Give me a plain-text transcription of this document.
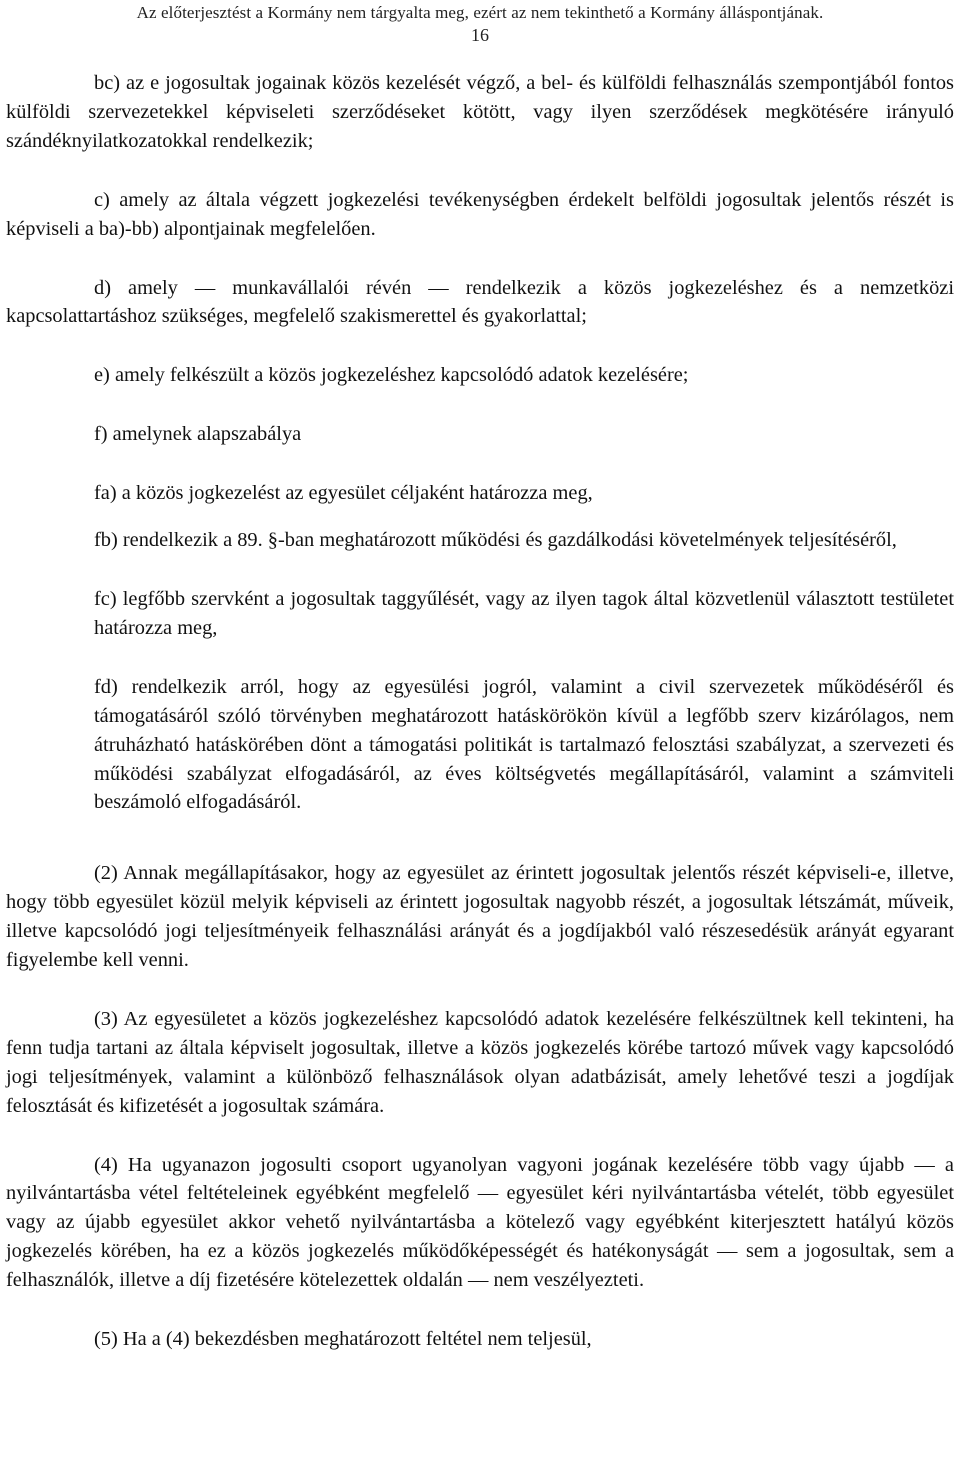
Az előterjesztést a Kormány nem tárgyalta meg, ezért az nem tekinthető a Kormány álláspontjának.
16

bc) az e jogosultak jogainak közös kezelését végző, a bel- és külföldi felhasználás szempontjából fontos külföldi szervezetekkel képviseleti szerződéseket kötött, vagy ilyen szerződések megkötésére irányuló szándéknyilatkozatokkal rendelkezik;

c) amely az általa végzett jogkezelési tevékenységben érdekelt belföldi jogosultak jelentős részét is képviseli a ba)-bb) alpontjainak megfelelően.

d) amely ― munkavállalói révén ― rendelkezik a közös jogkezeléshez és a nemzetközi kapcsolattartáshoz szükséges, megfelelő szakismerettel és gyakorlattal;

e) amely felkészült a közös jogkezeléshez kapcsolódó adatok kezelésére;

f) amelynek alapszabálya

fa) a közös jogkezelést az egyesület céljaként határozza meg,

fb) rendelkezik a 89. §-ban meghatározott működési és gazdálkodási követelmények teljesítéséről,

fc) legfőbb szervként a jogosultak taggyűlését, vagy az ilyen tagok által közvetlenül választott testületet határozza meg,

fd) rendelkezik arról, hogy az egyesülési jogról, valamint a civil szervezetek működéséről és támogatásáról szóló törvényben meghatározott hatáskörökön kívül a legfőbb szerv kizárólagos, nem átruházható hatáskörében dönt a támogatási politikát is tartalmazó felosztási szabályzat, a szervezeti és működési szabályzat elfogadásáról, az éves költségvetés megállapításáról, valamint a számviteli beszámoló elfogadásáról.

(2) Annak megállapításakor, hogy az egyesület az érintett jogosultak jelentős részét képviseli-e, illetve, hogy több egyesület közül melyik képviseli az érintett jogosultak nagyobb részét, a jogosultak létszámát, műveik, illetve kapcsolódó jogi teljesítményeik felhasználási arányát és a jogdíjakból való részesedésük arányát egyarant figyelembe kell venni.

(3) Az egyesületet a közös jogkezeléshez kapcsolódó adatok kezelésére felkészültnek kell tekinteni, ha fenn tudja tartani az általa képviselt jogosultak, illetve a közös jogkezelés körébe tartozó művek vagy kapcsolódó jogi teljesítmények, valamint a különböző felhasználások olyan adatbázisát, amely lehetővé teszi a jogdíjak felosztását és kifizetését a jogosultak számára.

(4) Ha ugyanazon jogosulti csoport ugyanolyan vagyoni jogának kezelésére több vagy újabb ― a nyilvántartásba vétel feltételeinek egyébként megfelelő ― egyesület kéri nyilvántartásba vételét, több egyesület vagy az újabb egyesület akkor vehető nyilvántartásba a kötelező vagy egyébként kiterjesztett hatályú közös jogkezelés körében, ha ez a közös jogkezelés működőképességét és hatékonyságát ― sem a jogosultak, sem a felhasználók, illetve a díj fizetésére kötelezettek oldalán ― nem veszélyezteti.

(5) Ha a (4) bekezdésben meghatározott feltétel nem teljesül,
